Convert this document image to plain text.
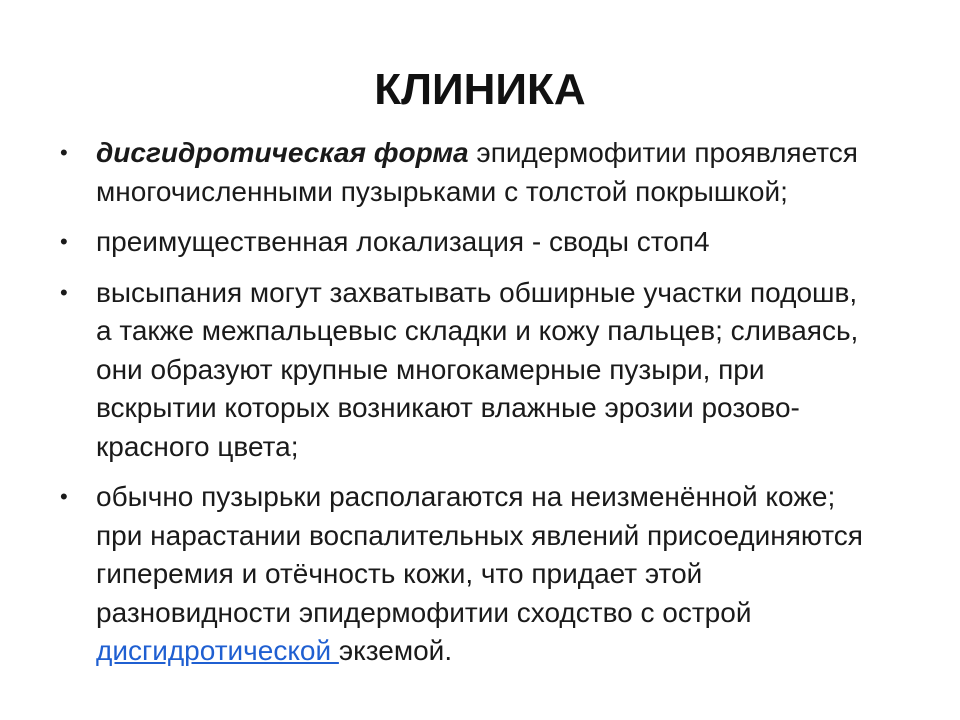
КЛИНИКА
• дисгидротическая форма эпидермофитии проявляется многочисленными пузырьками с толстой покрышкой;
• преимущественная локализация - своды стоп4
• высыпания могут захватывать обширные участки подошв, а также межпальцевыс складки и кожу пальцев; сливаясь, они образуют крупные многокамерные пузыри, при вскрытии которых возникают влажные эрозии розово-красного цвета;
• обычно пузырьки располагаются на неизменённой коже; при нарастании воспалительных явлений присоединяются гиперемия и отёчность кожи, что придает этой разновидности эпидермофитии сходство с острой дисгидротической экземой.
